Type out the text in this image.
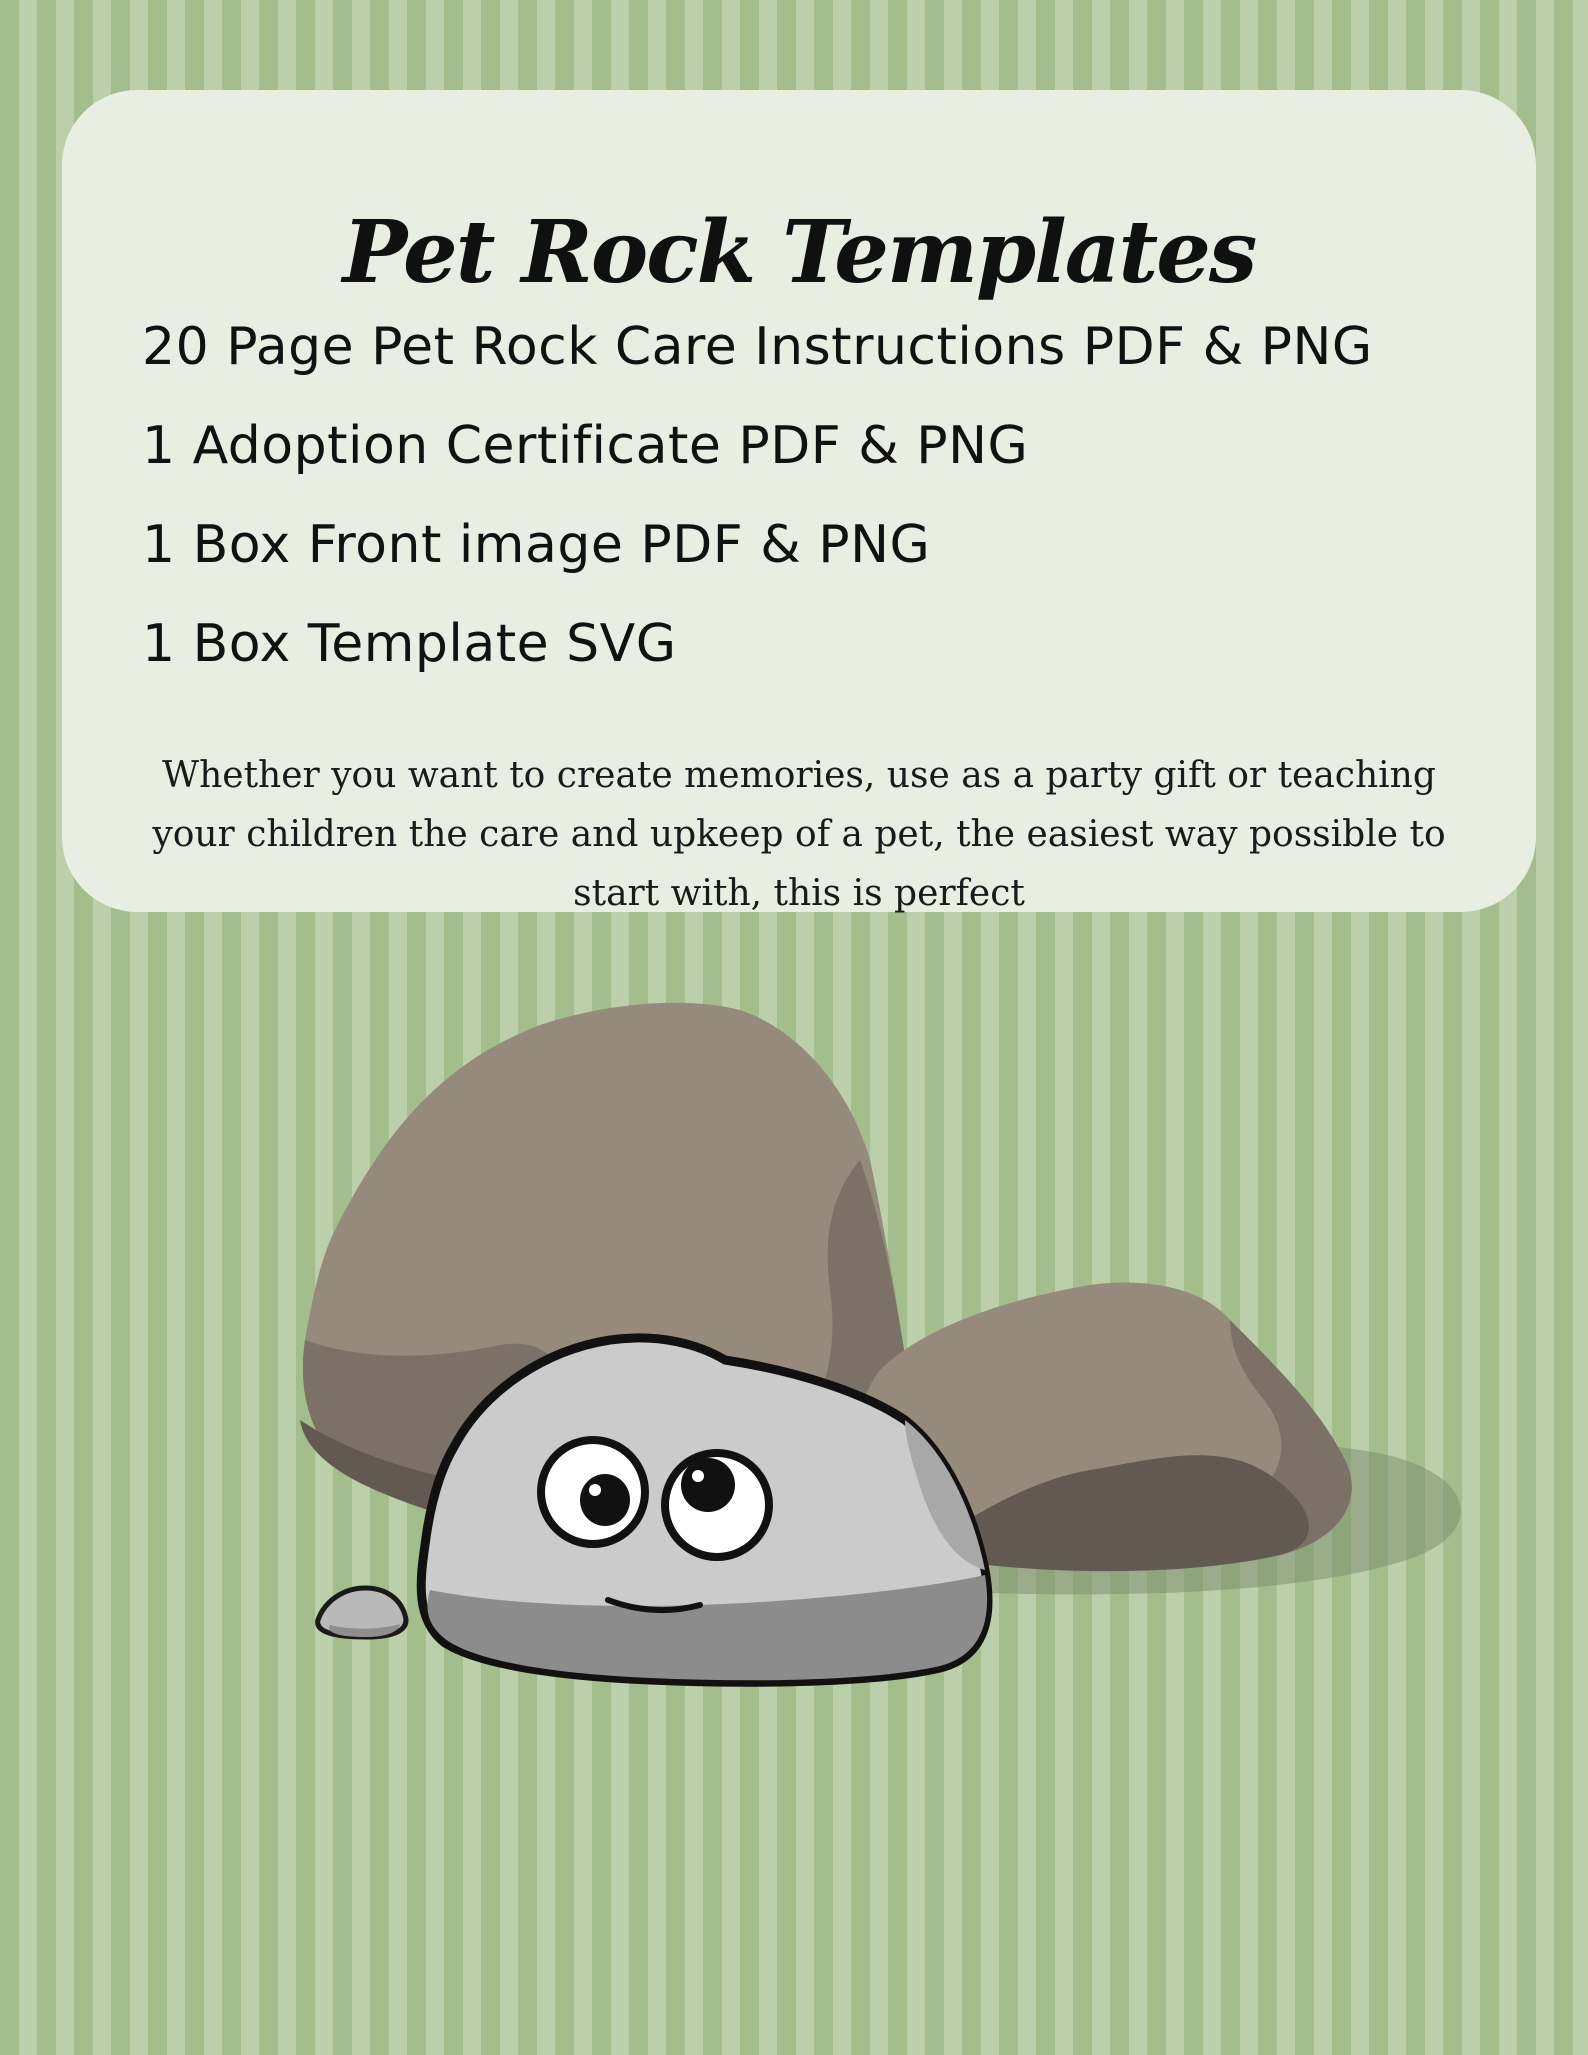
Pet Rock Templates
20 Page Pet Rock Care Instructions PDF & PNG
1 Adoption Certificate PDF & PNG
1 Box Front image PDF & PNG
1 Box Template SVG

Whether you want to create memories, use as a party gift or teaching your children the care and upkeep of a pet, the easiest way possible to start with, this is perfect
